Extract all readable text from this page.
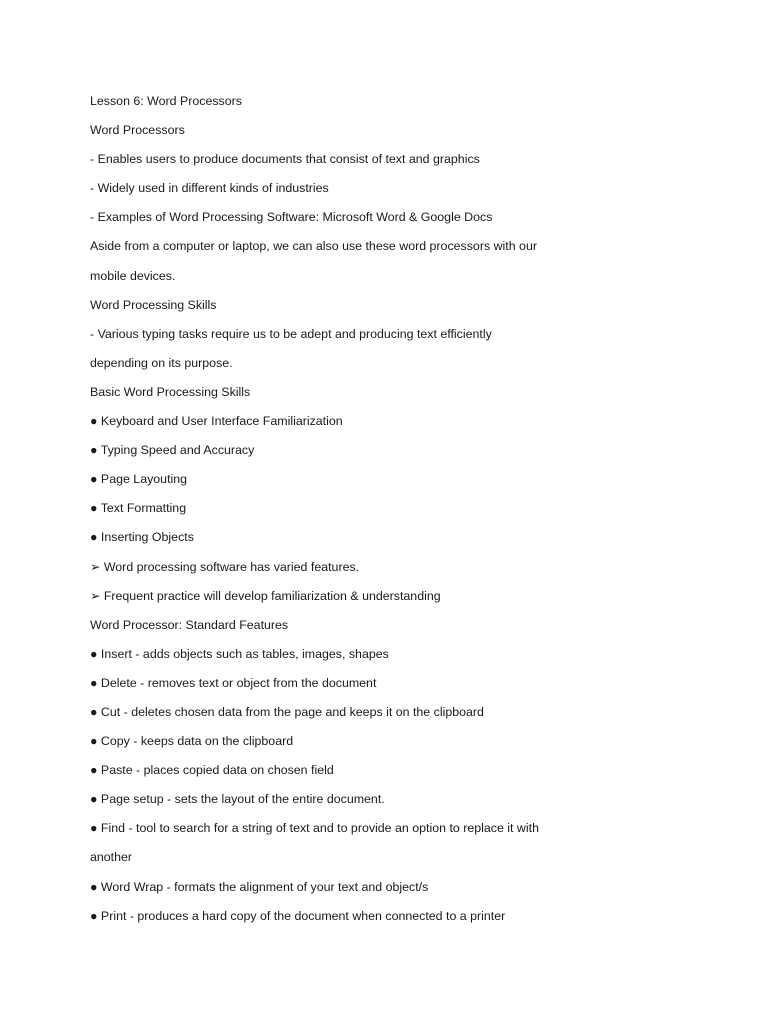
Lesson 6: Word Processors

Word Processors

- Enables users to produce documents that consist of text and graphics

- Widely used in different kinds of industries

- Examples of Word Processing Software: Microsoft Word & Google Docs

Aside from a computer or laptop, we can also use these word processors with our

mobile devices.

Word Processing Skills

- Various typing tasks require us to be adept and producing text efficiently

depending on its purpose.

Basic Word Processing Skills

● Keyboard and User Interface Familiarization

● Typing Speed and Accuracy

● Page Layouting

● Text Formatting

● Inserting Objects

➢ Word processing software has varied features.

➢ Frequent practice will develop familiarization & understanding

Word Processor: Standard Features

● Insert - adds objects such as tables, images, shapes

● Delete - removes text or object from the document

● Cut - deletes chosen data from the page and keeps it on the clipboard

● Copy - keeps data on the clipboard

● Paste - places copied data on chosen field

● Page setup - sets the layout of the entire document.

● Find - tool to search for a string of text and to provide an option to replace it with

another

● Word Wrap - formats the alignment of your text and object/s

● Print - produces a hard copy of the document when connected to a printer
